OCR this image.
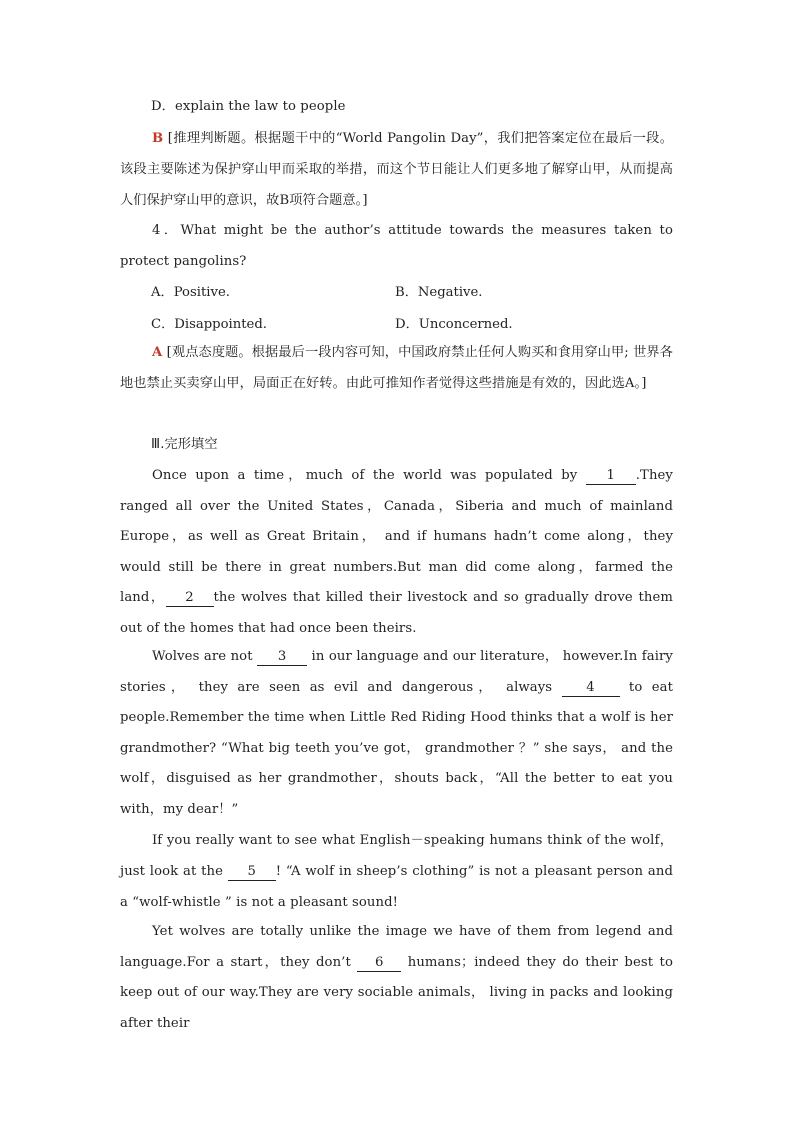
D．explain the law to people
B [推理判断题。根据题干中的“World Pangolin Day”，我们把答案定位在最后一段。该段主要陈述为保护穿山甲而采取的举措，而这个节日能让人们更多地了解穿山甲，从而提高人们保护穿山甲的意识，故B项符合题意。]
4．What might be the author’s attitude towards the measures taken to protect pangolins?
A．Positive.	B．Negative.
C．Disappointed.	D．Unconcerned.
A [观点态度题。根据最后一段内容可知，中国政府禁止任何人购买和食用穿山甲; 世界各地也禁止买卖穿山甲，局面正在好转。由此可推知作者觉得这些措施是有效的，因此选A。]
Ⅲ.完形填空
Once upon a time，much of the world was populated by 1 .They ranged all over the United States，Canada，Siberia and much of mainland Europe，as well as Great Britain， and if humans hadn’t come along，they would still be there in great numbers.But man did come along，farmed the land， 2 the wolves that killed their livestock and so gradually drove them out of the homes that had once been theirs.
Wolves are not 3 in our language and our literature， however.In fairy stories， they are seen as evil and dangerous， always 4 to eat people.Remember the time when Little Red Riding Hood thinks that a wolf is her grandmother? “What big teeth you’ve got， grandmother ？” she says， and the wolf，disguised as her grandmother，shouts back，“All the better to eat you with，my dear！”
If you really want to see what English－speaking humans think of the wolf， just look at the 5 ! “A wolf in sheep’s clothing” is not a pleasant person and a “wolf-whistle ” is not a pleasant sound!
Yet wolves are totally unlike the image we have of them from legend and language.For a start，they don’t 6 humans；indeed they do their best to keep out of our way.They are very sociable animals， living in packs and looking after their
